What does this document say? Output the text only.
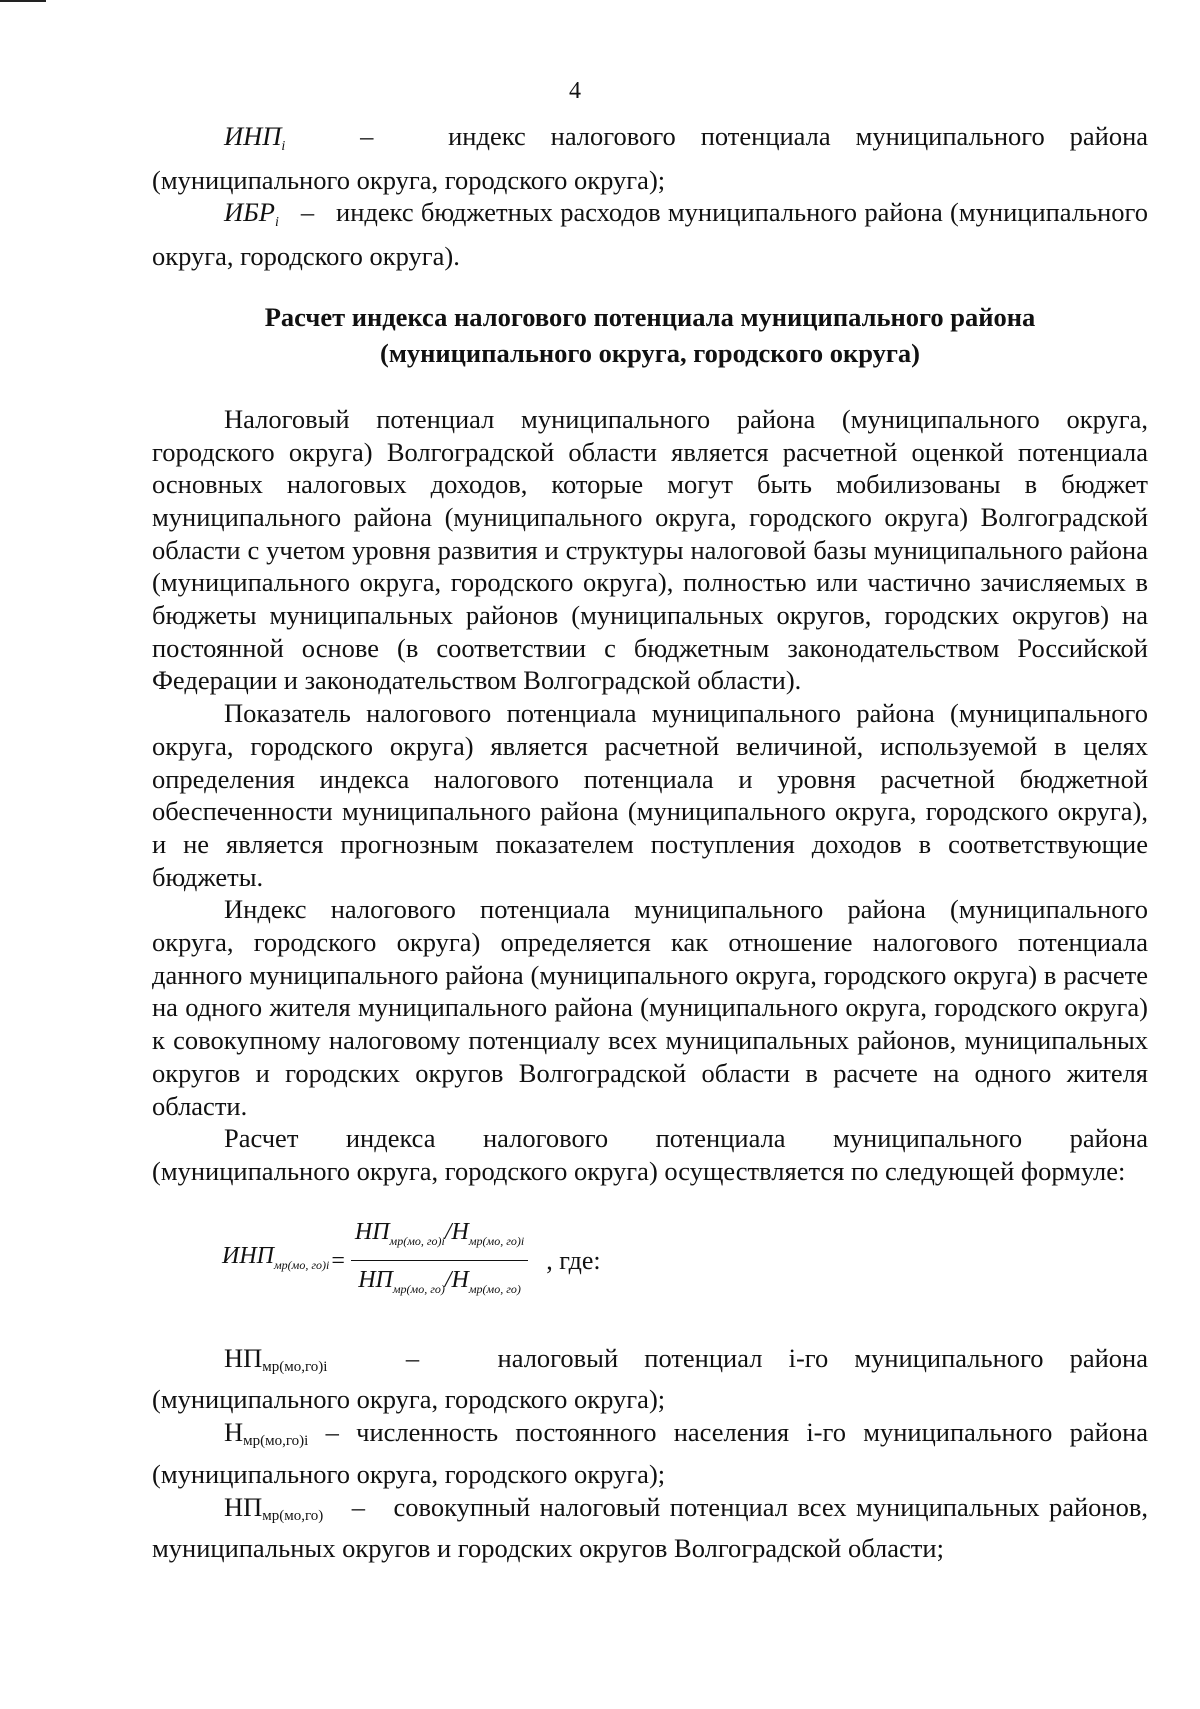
4

ИНПi	–	индекс налогового потенциала муниципального района (муниципального округа, городского округа);

ИБРi – индекс бюджетных расходов муниципального района (муниципального округа, городского округа).

Расчет индекса налогового потенциала муниципального района
(муниципального округа, городского округа)

Налоговый потенциал муниципального района (муниципального округа, городского округа) Волгоградской области является расчетной оценкой потенциала основных налоговых доходов, которые могут быть мобилизованы в бюджет муниципального района (муниципального округа, городского округа) Волгоградской области с учетом уровня развития и структуры налоговой базы муниципального района (муниципального округа, городского округа), полностью или частично зачисляемых в бюджеты муниципальных районов (муниципальных округов, городских округов) на постоянной основе (в соответствии с бюджетным законодательством Российской Федерации и законодательством Волгоградской области).

Показатель налогового потенциала муниципального района (муниципального округа, городского округа) является расчетной величиной, используемой в целях определения индекса налогового потенциала и уровня расчетной бюджетной обеспеченности муниципального района (муниципального округа, городского округа), и не является прогнозным показателем поступления доходов в соответствующие бюджеты.

Индекс налогового потенциала муниципального района (муниципального округа, городского округа) определяется как отношение налогового потенциала данного муниципального района (муниципального округа, городского округа) в расчете на одного жителя муниципального района (муниципального округа, городского округа) к совокупному налоговому потенциалу всех муниципальных районов, муниципальных округов и городских округов Волгоградской области в расчете на одного жителя области.

Расчет индекса налогового потенциала муниципального района (муниципального округа, городского округа) осуществляется по следующей формуле:

$ИНП_{мр(мо, го)i} = \frac{НП_{мр(мо, го)i}/Н_{мр(мо, го)i}}{НП_{мр(мо, го)}/Н_{мр(мо, го)}}$ , где:

$НП_{мр(мо,го)i}$	–	налоговый потенциал i-го муниципального района (муниципального округа, городского округа);

$Н_{мр(мо,го)i}$ – численность постоянного населения i-го муниципального района (муниципального округа, городского округа);

$НП_{мр(мо,го)}$ – совокупный налоговый потенциал всех муниципальных районов, муниципальных округов и городских округов Волгоградской области;
